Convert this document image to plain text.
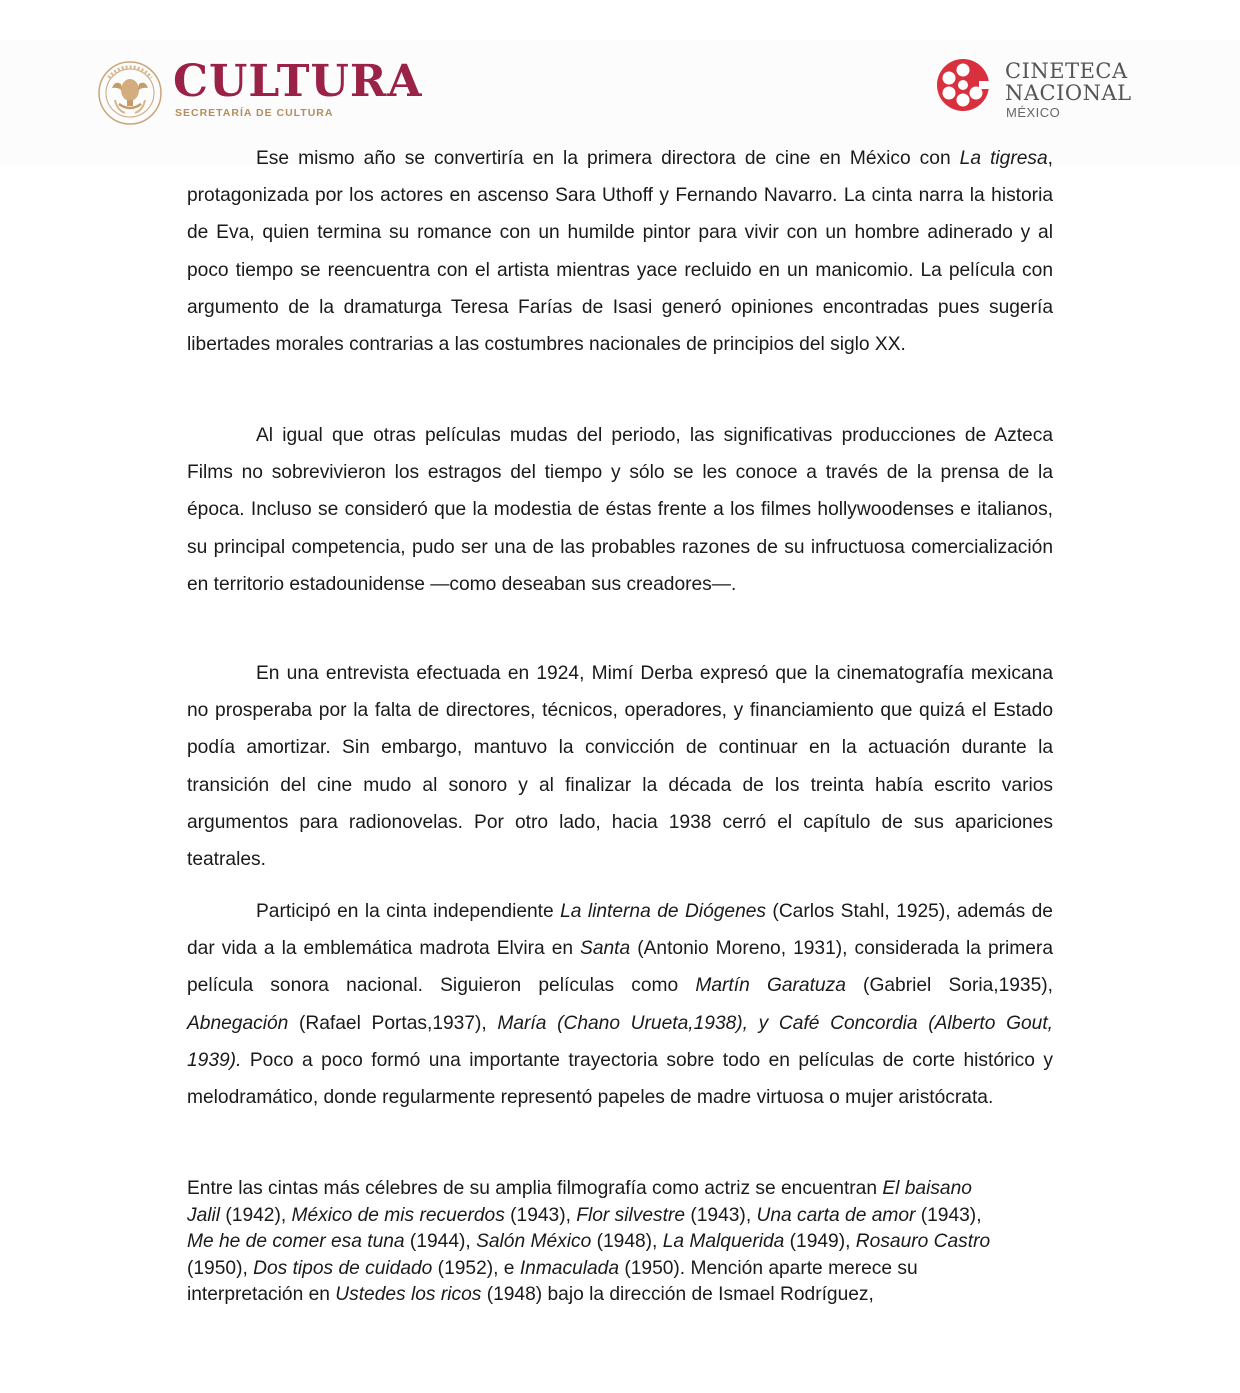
CULTURA
SECRETARÍA DE CULTURA
CINETECA
NACIONAL
MÉXICO

Ese mismo año se convertiría en la primera directora de cine en México con La tigresa, protagonizada por los actores en ascenso Sara Uthoff y Fernando Navarro. La cinta narra la historia de Eva, quien termina su romance con un humilde pintor para vivir con un hombre adinerado y al poco tiempo se reencuentra con el artista mientras yace recluido en un manicomio. La película con argumento de la dramaturga Teresa Farías de Isasi generó opiniones encontradas pues sugería libertades morales contrarias a las costumbres nacionales de principios del siglo XX.

Al igual que otras películas mudas del periodo, las significativas producciones de Azteca Films no sobrevivieron los estragos del tiempo y sólo se les conoce a través de la prensa de la época. Incluso se consideró que la modestia de éstas frente a los filmes hollywoodenses e italianos, su principal competencia, pudo ser una de las probables razones de su infructuosa comercialización en territorio estadounidense —como deseaban sus creadores—.

En una entrevista efectuada en 1924, Mimí Derba expresó que la cinematografía mexicana no prosperaba por la falta de directores, técnicos, operadores, y financiamiento que quizá el Estado podía amortizar. Sin embargo, mantuvo la convicción de continuar en la actuación durante la transición del cine mudo al sonoro y al finalizar la década de los treinta había escrito varios argumentos para radionovelas. Por otro lado, hacia 1938 cerró el capítulo de sus apariciones teatrales.

Participó en la cinta independiente La linterna de Diógenes (Carlos Stahl, 1925), además de dar vida a la emblemática madrota Elvira en Santa (Antonio Moreno, 1931), considerada la primera película sonora nacional. Siguieron películas como Martín Garatuza (Gabriel Soria,1935), Abnegación (Rafael Portas,1937), María (Chano Urueta,1938), y Café Concordia (Alberto Gout, 1939). Poco a poco formó una importante trayectoria sobre todo en películas de corte histórico y melodramático, donde regularmente representó papeles de madre virtuosa o mujer aristócrata.

Entre las cintas más célebres de su amplia filmografía como actriz se encuentran El baisano Jalil (1942), México de mis recuerdos (1943), Flor silvestre (1943), Una carta de amor (1943), Me he de comer esa tuna (1944), Salón México (1948), La Malquerida (1949), Rosauro Castro (1950), Dos tipos de cuidado (1952), e Inmaculada (1950). Mención aparte merece su interpretación en Ustedes los ricos (1948) bajo la dirección de Ismael Rodríguez,
